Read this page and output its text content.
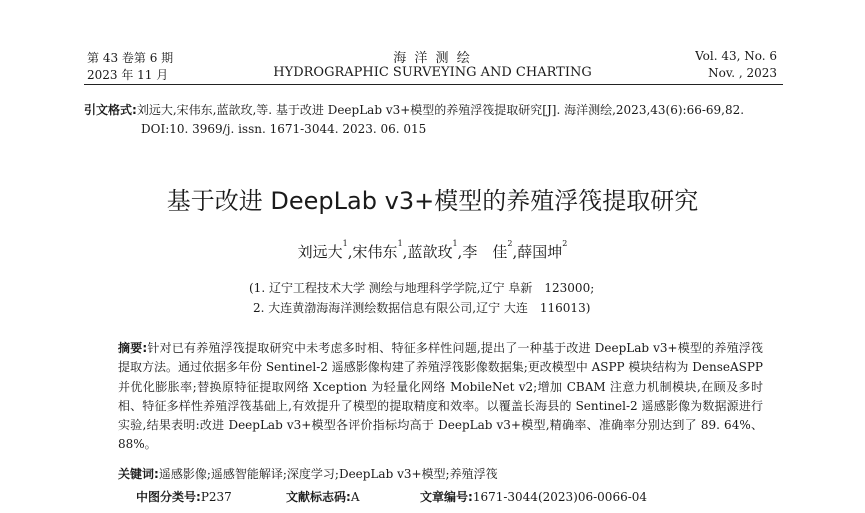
第 43 卷第 6 期
2023 年 11 月
海 洋 测 绘
HYDROGRAPHIC SURVEYING AND CHARTING
Vol. 43, No. 6
Nov. , 2023
引文格式:刘远大,宋伟东,蓝歆玫,等. 基于改进 DeepLab v3+模型的养殖浮筏提取研究[J]. 海洋测绘,2023,43(6):66-69,82.
DOI:10. 3969/j. issn. 1671-3044. 2023. 06. 015
基于改进 DeepLab v3+模型的养殖浮筏提取研究
刘远大$^1$,宋伟东$^1$,蓝歆玫$^1$,李　佳$^2$,薛国坤$^2$
(1. 辽宁工程技术大学 测绘与地理科学学院,辽宁 阜新　123000;
2. 大连黄渤海海洋测绘数据信息有限公司,辽宁 大连　116013)
摘要:针对已有养殖浮筏提取研究中未考虑多时相、特征多样性问题,提出了一种基于改进 DeepLab v3+模型的养殖浮筏提取方法。通过依据多年份 Sentinel-2 遥感影像构建了养殖浮筏影像数据集;更改模型中 ASPP 模块结构为 DenseASPP 并优化膨胀率;替换原特征提取网络 Xception 为轻量化网络 MobileNet v2;增加 CBAM 注意力机制模块,在顾及多时相、特征多样性养殖浮筏基础上,有效提升了模型的提取精度和效率。以覆盖长海县的 Sentinel-2 遥感影像为数据源进行实验,结果表明:改进 DeepLab v3+模型各评价指标均高于 DeepLab v3+模型,精确率、准确率分别达到了 89. 64%、88%。
关键词:遥感影像;遥感智能解译;深度学习;DeepLab v3+模型;养殖浮筏
中图分类号:P237	文献标志码:A	文章编号:1671-3044(2023)06-0066-04
